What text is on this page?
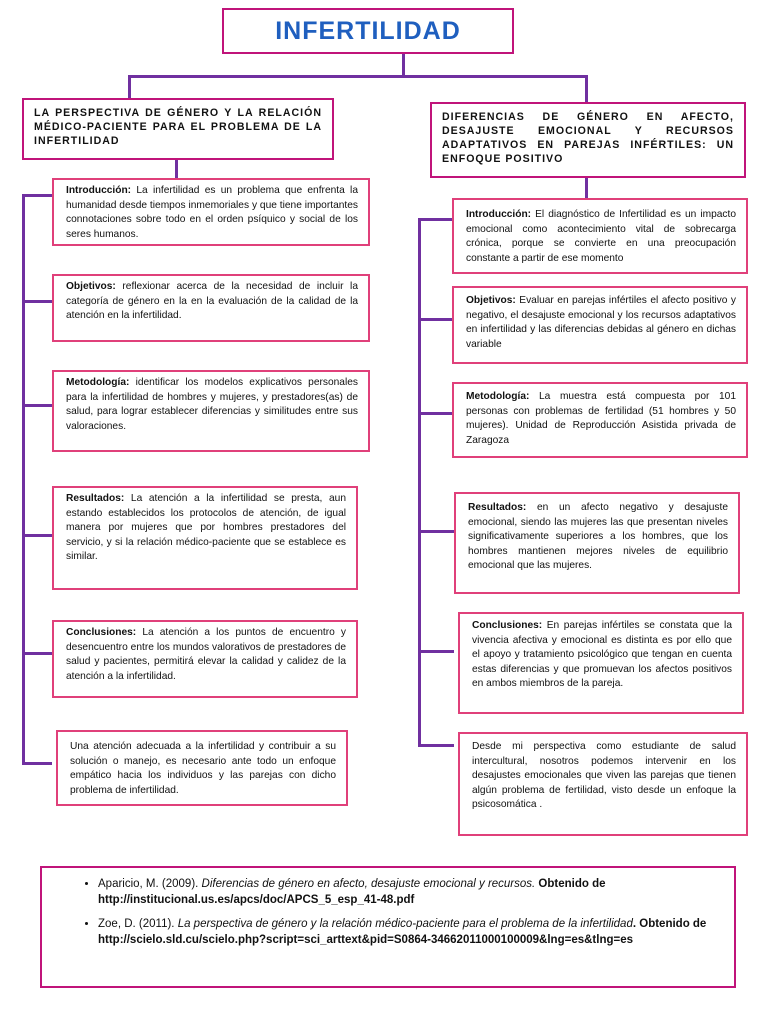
INFERTILIDAD
LA PERSPECTIVA DE GÉNERO Y LA RELACIÓN MÉDICO-PACIENTE PARA EL PROBLEMA DE LA INFERTILIDAD
DIFERENCIAS DE GÉNERO EN AFECTO, DESAJUSTE EMOCIONAL Y RECURSOS ADAPTATIVOS EN PAREJAS INFÉRTILES: UN ENFOQUE POSITIVO
Introducción: La infertilidad es un problema que enfrenta la humanidad desde tiempos inmemoriales y que tiene importantes connotaciones sobre todo en el orden psíquico y social de los seres humanos.
Objetivos: reflexionar acerca de la necesidad de incluir la categoría de género en la en la evaluación de la calidad de la atención en la infertilidad.
Metodología: identificar los modelos explicativos personales para la infertilidad de hombres y mujeres, y prestadores(as) de salud, para lograr establecer diferencias y similitudes entre sus valoraciones.
Resultados: La atención a la infertilidad se presta, aun estando establecidos los protocolos de atención, de igual manera por mujeres que por hombres prestadores del servicio, y si la relación médico-paciente que se establece es similar.
Conclusiones: La atención a los puntos de encuentro y desencuentro entre los mundos valorativos de prestadores de salud y pacientes, permitirá elevar la calidad y calidez de la atención a la infertilidad.
Una atención adecuada a la infertilidad y contribuir a su solución o manejo, es necesario ante todo un enfoque empático hacia los individuos y las parejas con dicho problema de infertilidad.
Introducción: El diagnóstico de Infertilidad es un impacto emocional como acontecimiento vital de sobrecarga crónica, porque se convierte en una preocupación constante a partir de ese momento
Objetivos: Evaluar en parejas infértiles el afecto positivo y negativo, el desajuste emocional y los recursos adaptativos en infertilidad y las diferencias debidas al género en dichas variable
Metodología: La muestra está compuesta por 101 personas con problemas de fertilidad (51 hombres y 50 mujeres). Unidad de Reproducción Asistida privada de Zaragoza
Resultados: en un afecto negativo y desajuste emocional, siendo las mujeres las que presentan niveles significativamente superiores a los hombres, que los hombres mantienen mejores niveles de equilibrio emocional que las mujeres.
Conclusiones: En parejas infértiles se constata que la vivencia afectiva y emocional es distinta es por ello que el apoyo y tratamiento psicológico que tengan en cuenta estas diferencias y que promuevan los afectos positivos en ambos miembros de la pareja.
Desde mi perspectiva como estudiante de salud intercultural, nosotros podemos intervenir en los desajustes emocionales que viven las parejas que tienen algún problema de fertilidad, visto desde un enfoque la psicosomática .
• Aparicio, M. (2009). Diferencias de género en afecto, desajuste emocional y recursos. Obtenido de http://institucional.us.es/apcs/doc/APCS_5_esp_41-48.pdf
• Zoe, D. (2011). La perspectiva de género y la relación médico-paciente para el problema de la infertilidad. Obtenido de http://scielo.sld.cu/scielo.php?script=sci_arttext&pid=S0864-34662011000100009&lng=es&tlng=es
